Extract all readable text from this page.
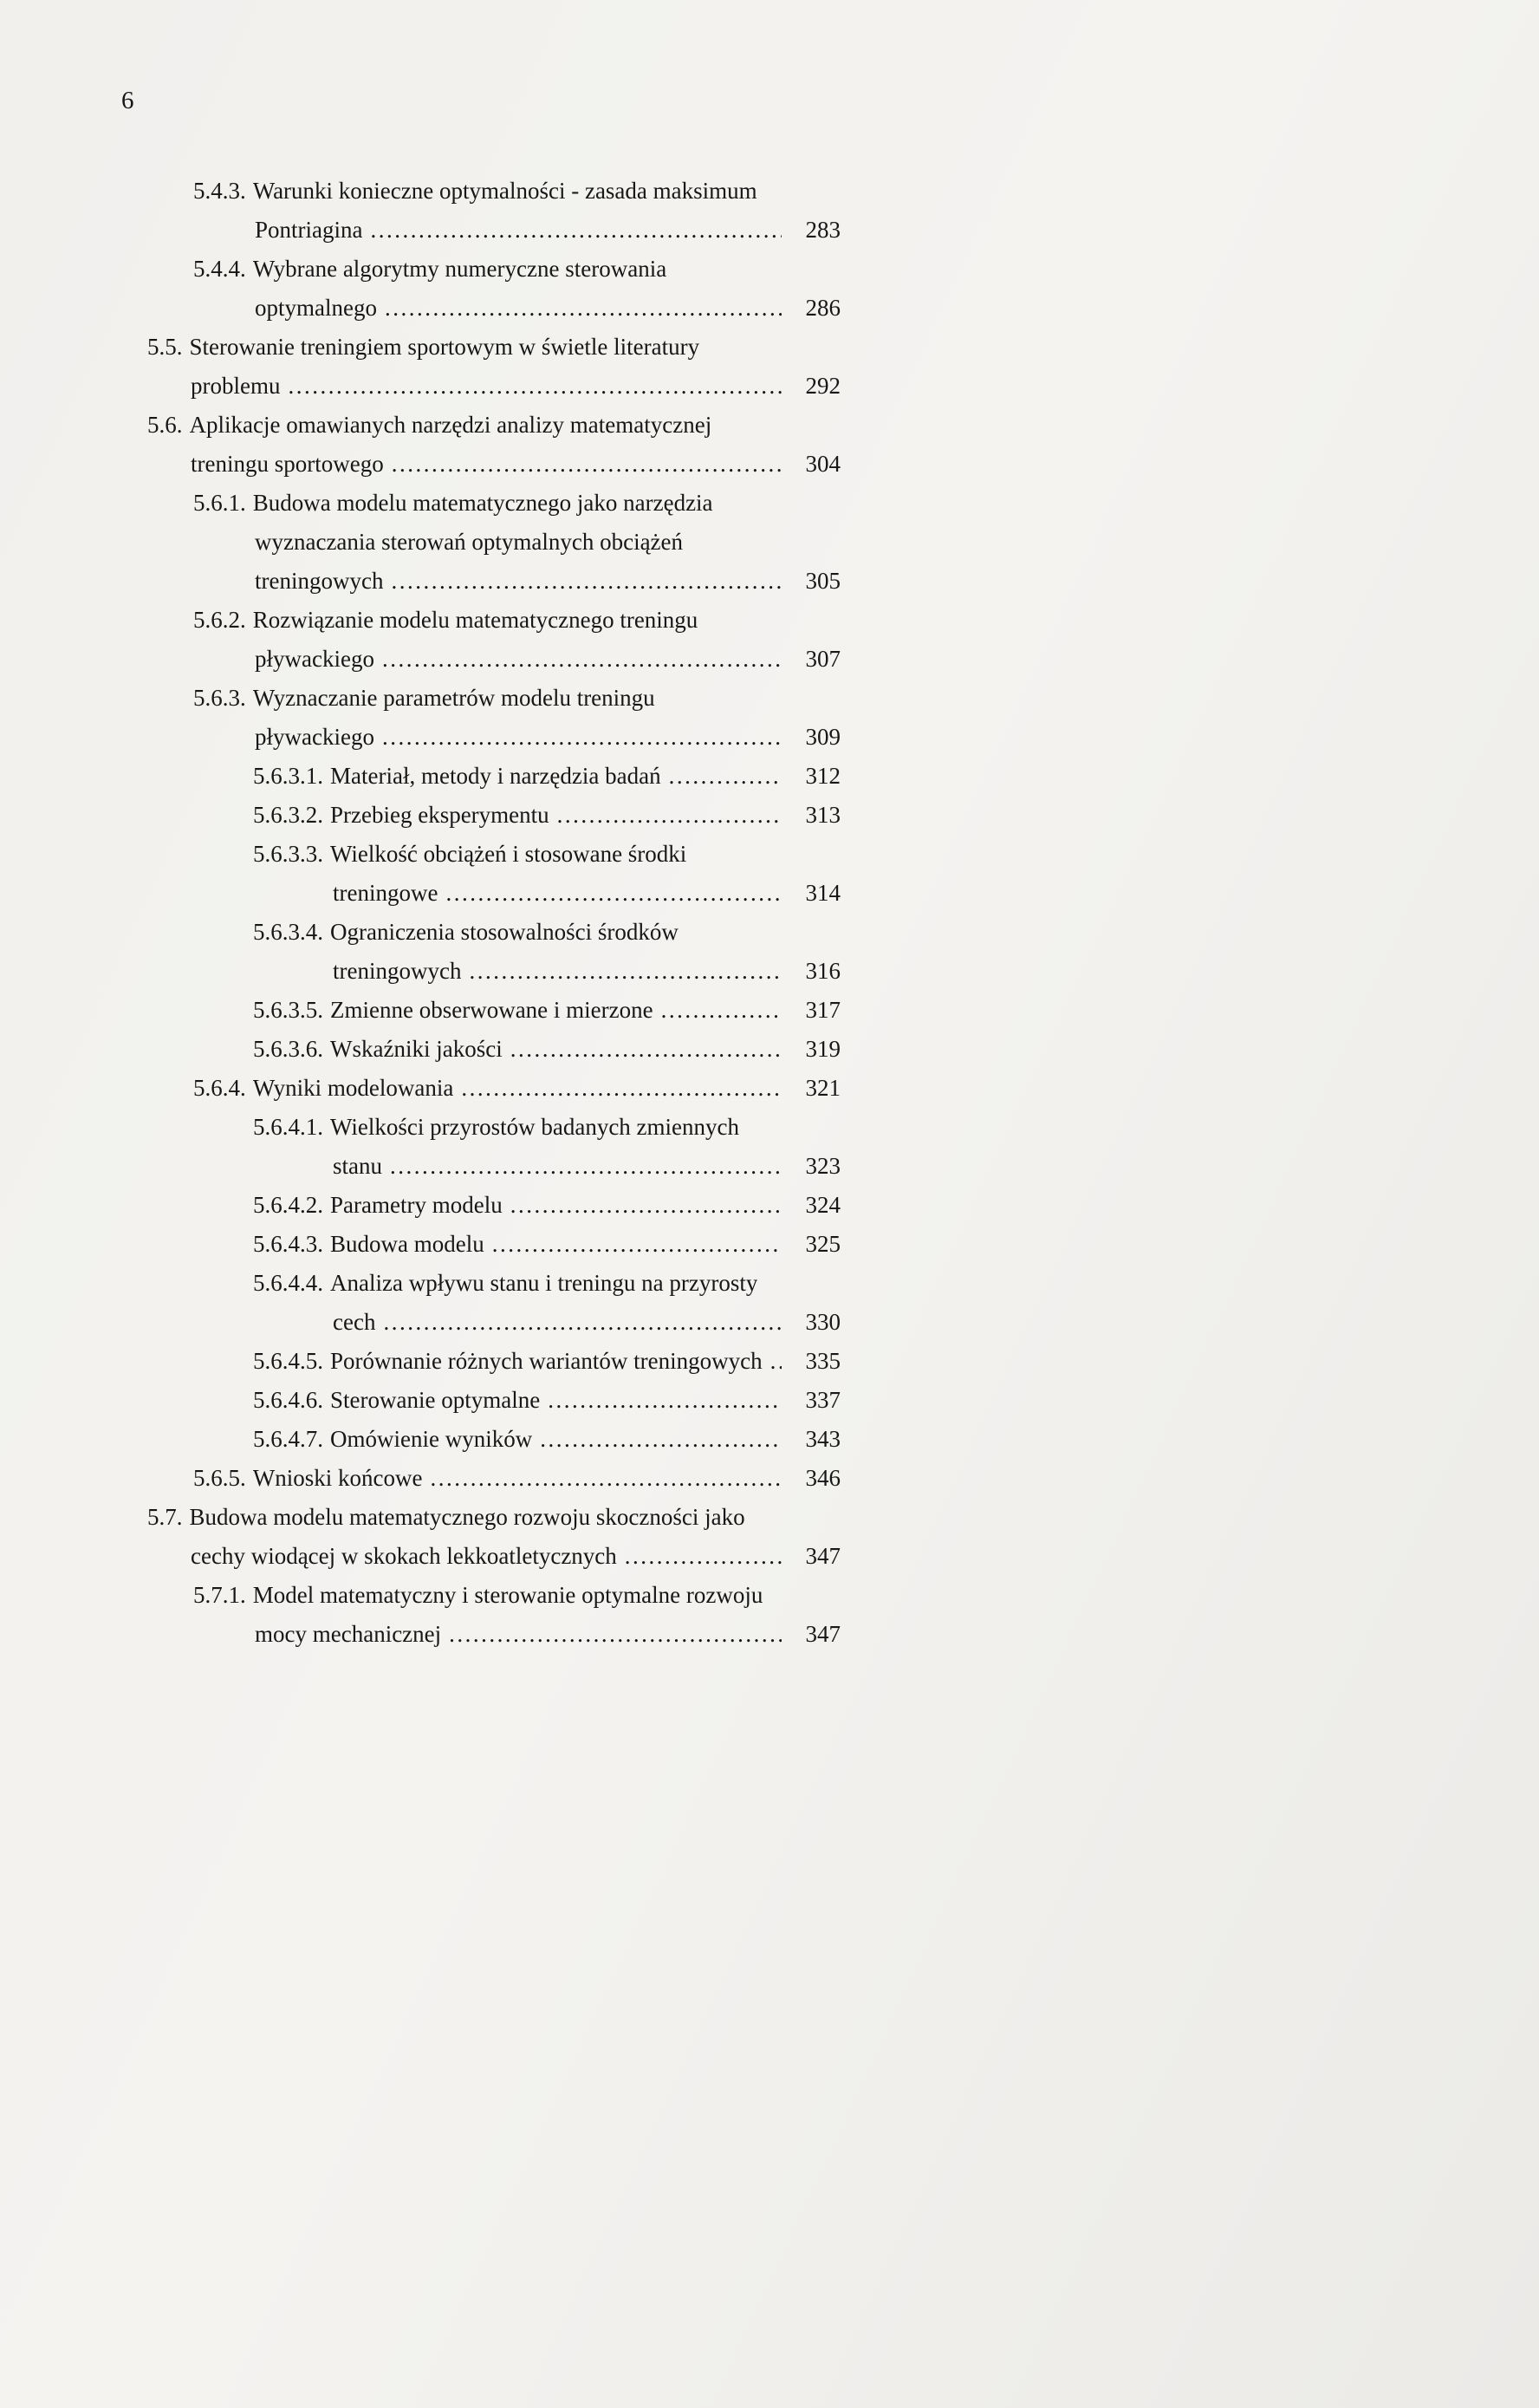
6
5.4.3. Warunki konieczne optymalności - zasada maksimum
Pontriagina .....	283
5.4.4. Wybrane algorytmy numeryczne sterowania
optymalnego .....	286
5.5. Sterowanie treningiem sportowym w świetle literatury
problemu .....	292
5.6. Aplikacje omawianych narzędzi analizy matematycznej
treningu sportowego .....	304
5.6.1. Budowa modelu matematycznego jako narzędzia
wyznaczania sterowań optymalnych obciążeń
treningowych .....	305
5.6.2. Rozwiązanie modelu matematycznego treningu
pływackiego .....	307
5.6.3. Wyznaczanie parametrów modelu treningu
pływackiego .....	309
5.6.3.1. Materiał, metody i narzędzia badań .....	312
5.6.3.2. Przebieg eksperymentu .....	313
5.6.3.3. Wielkość obciążeń i stosowane środki
treningowe .....	314
5.6.3.4. Ograniczenia stosowalności środków
treningowych .....	316
5.6.3.5. Zmienne obserwowane i mierzone .....	317
5.6.3.6. Wskaźniki jakości .....	319
5.6.4. Wyniki modelowania .....	321
5.6.4.1. Wielkości przyrostów badanych zmiennych
stanu .....	323
5.6.4.2. Parametry modelu .....	324
5.6.4.3. Budowa modelu .....	325
5.6.4.4. Analiza wpływu stanu i treningu na przyrosty
cech .....	330
5.6.4.5. Porównanie różnych wariantów treningowych .....	335
5.6.4.6. Sterowanie optymalne .....	337
5.6.4.7. Omówienie wyników .....	343
5.6.5. Wnioski końcowe .....	346
5.7. Budowa modelu matematycznego rozwoju skoczności jako
cechy wiodącej w skokach lekkoatletycznych .....	347
5.7.1. Model matematyczny i sterowanie optymalne rozwoju
mocy mechanicznej .....	347
